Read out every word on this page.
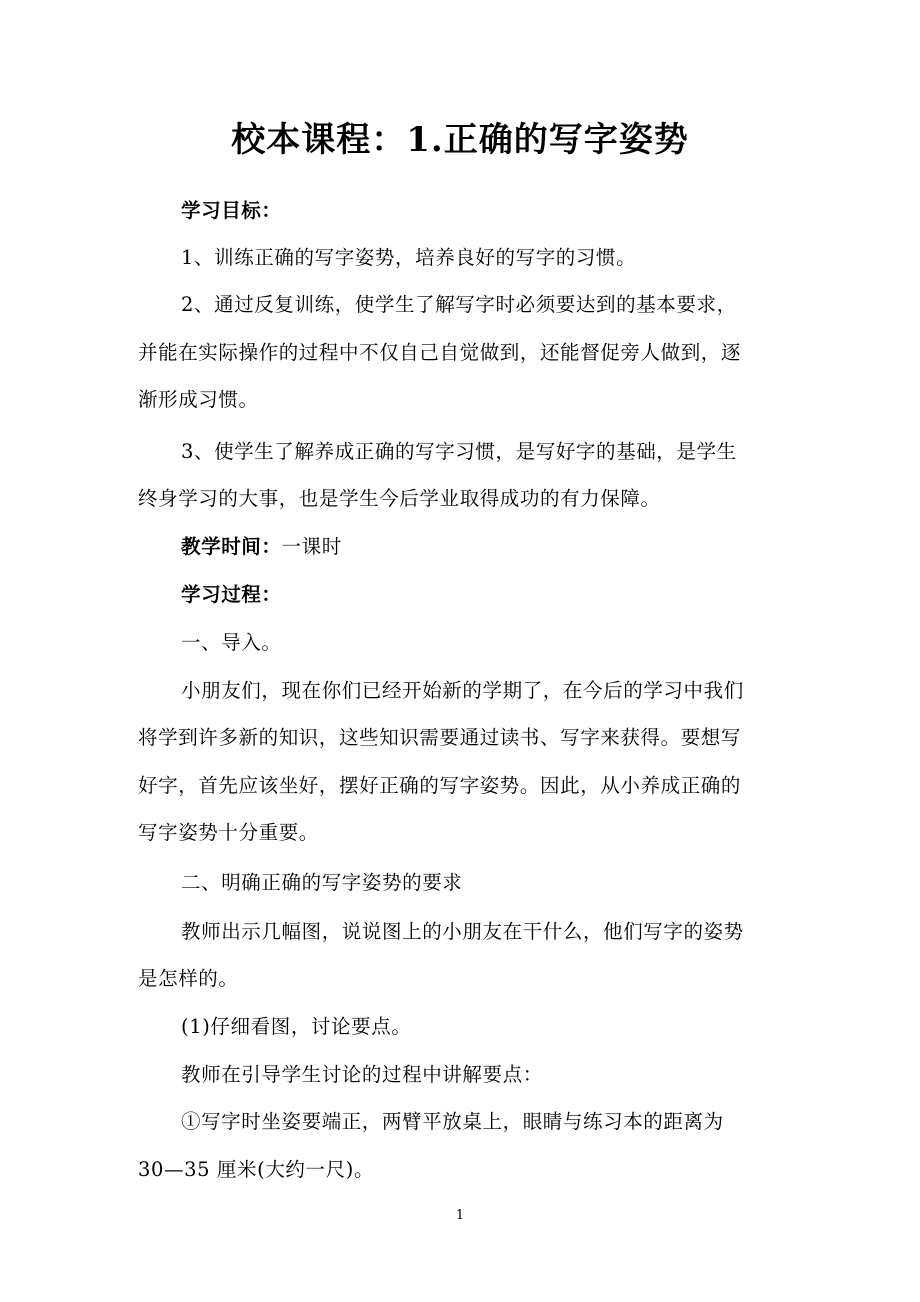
校本课程：1.正确的写字姿势
学习目标：
1、训练正确的写字姿势，培养良好的写字的习惯。
2、通过反复训练，使学生了解写字时必须要达到的基本要求，
并能在实际操作的过程中不仅自己自觉做到，还能督促旁人做到，逐
渐形成习惯。
3、使学生了解养成正确的写字习惯，是写好字的基础，是学生
终身学习的大事，也是学生今后学业取得成功的有力保障。
教学时间：一课时
学习过程：
一、导入。
小朋友们，现在你们已经开始新的学期了，在今后的学习中我们
将学到许多新的知识，这些知识需要通过读书、写字来获得。要想写
好字，首先应该坐好，摆好正确的写字姿势。因此，从小养成正确的
写字姿势十分重要。
二、明确正确的写字姿势的要求
教师出示几幅图，说说图上的小朋友在干什么，他们写字的姿势
是怎样的。
(1)仔细看图，讨论要点。
教师在引导学生讨论的过程中讲解要点：
①写字时坐姿要端正，两臂平放桌上，眼睛与练习本的距离为
30—35 厘米(大约一尺)。
1
